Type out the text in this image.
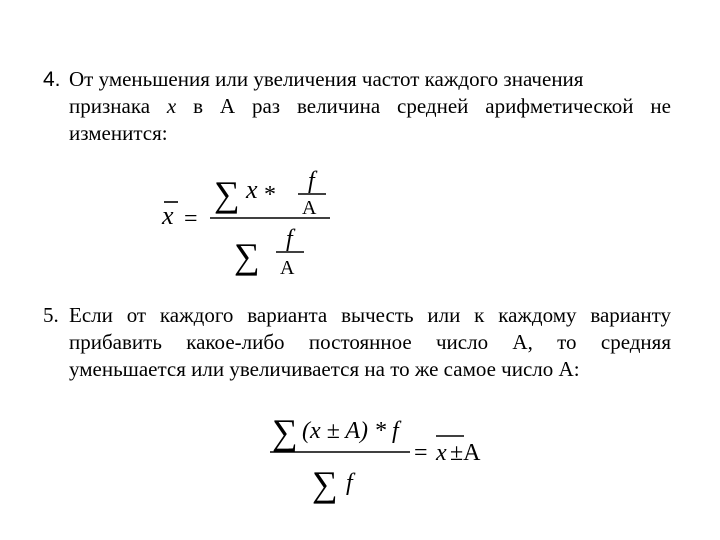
4. От уменьшения или увеличения частот каждого значения
признака x в А раз величина средней арифметической не изменится:
x =
∑ x *
f
A
∑ f
A
5. Если от каждого варианта вычесть или к каждому варианту прибавить какое-либо постоянное число А, то средняя уменьшается или увеличивается на то же самое число А:
∑ (x ± A) * f
∑ f
= x ±A
